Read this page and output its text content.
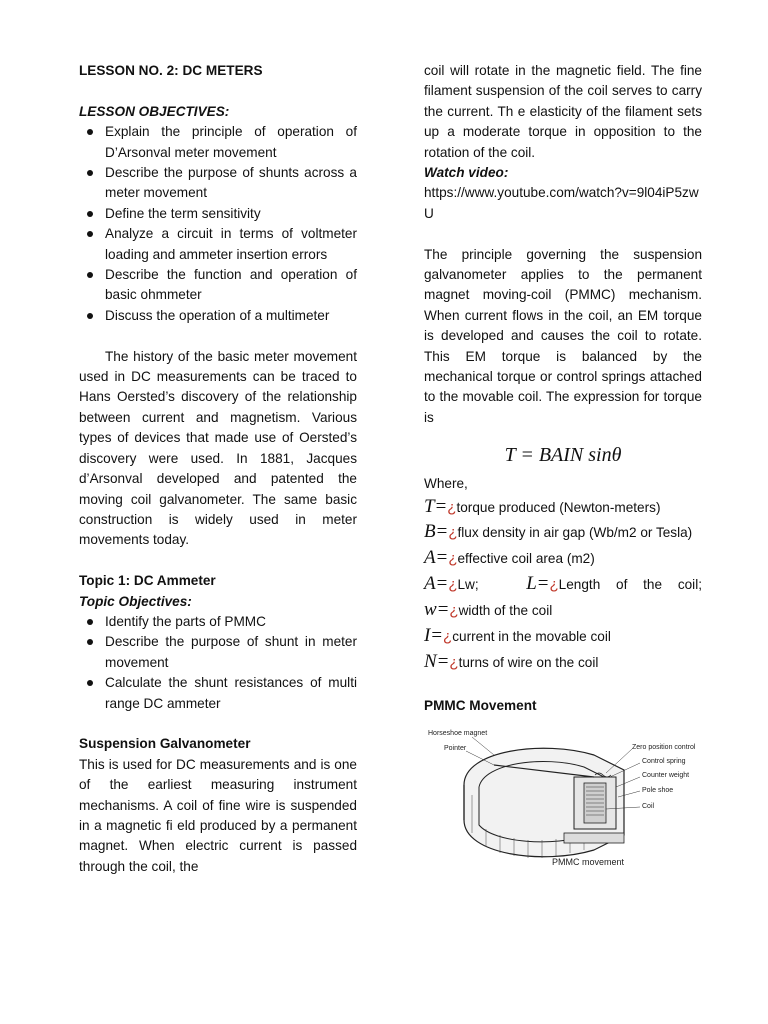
LESSON NO. 2: DC METERS

LESSON OBJECTIVES:

Explain the principle of operation of D’Arsonval meter movement
Describe the purpose of shunts across a meter movement
Define the term sensitivity
Analyze a circuit in terms of voltmeter loading and ammeter insertion errors
Describe the function and operation of basic ohmmeter
Discuss the operation of a multimeter

The history of the basic meter movement used in DC measurements can be traced to Hans Oersted’s discovery of the relationship between current and magnetism. Various types of devices that made use of Oersted’s discovery were used. In 1881, Jacques d’Arsonval developed and patented the moving coil galvanometer. The same basic construction is widely used in meter movements today.

Topic 1: DC Ammeter

Topic Objectives:

Identify the parts of PMMC
Describe the purpose of shunt in meter movement
Calculate the shunt resistances of multi range DC ammeter

Suspension Galvanometer

This is used for DC measurements and is one of the earliest measuring instrument mechanisms. A coil of fine wire is suspended in a magnetic fi eld produced by a permanent magnet. When electric current is passed through the coil, the

coil will rotate in the magnetic field. The fine filament suspension of the coil serves to carry the current. Th e elasticity of the filament sets up a moderate torque in opposition to the rotation of the coil.

Watch video:

https://www.youtube.com/watch?v=9l04iP5zwU

The principle governing the suspension galvanometer applies to the permanent magnet moving-coil (PMMC) mechanism. When current flows in the coil, an EM torque is developed and causes the coil to rotate. This EM torque is balanced by the mechanical torque or control springs attached to the movable coil. The expression for torque is

T = BAIN sinθ

Where,

T = ¿ torque produced (Newton-meters)
B=¿flux density in air gap (Wb/m2 or Tesla)
A = ¿ effective coil area (m2)
A=¿Lw;	L=¿Length of the coil;
w = ¿ width of the coil
I = ¿ current in the movable coil
N = ¿ turns of wire on the coil

PMMC Movement

Horseshoe magnet
Pointer	Zero position control
Control spring
Counter weight
Pole shoe
Coil
PMMC movement
